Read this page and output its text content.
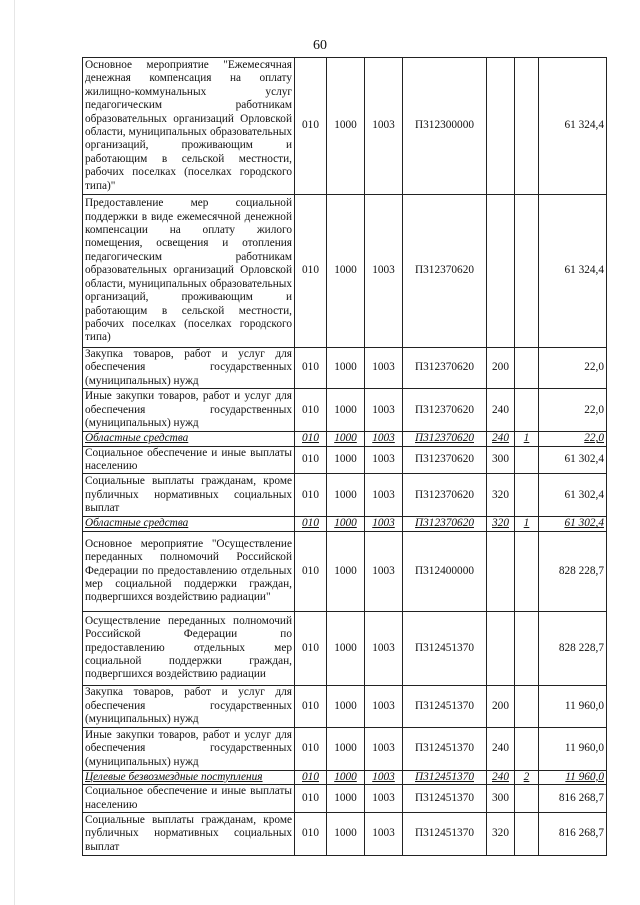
60
Основное мероприятие "Ежемесячная денежная компенсация на оплату жилищно-коммунальных услуг педагогическим работникам образовательных организаций Орловской области, муниципальных образовательных организаций, проживающим и работающим в сельской местности, рабочих поселках (поселках городского типа)"	010	1000	1003	П312300000			61 324,4
Предоставление мер социальной поддержки в виде ежемесячной денежной компенсации на оплату жилого помещения, освещения и отопления педагогическим работникам образовательных организаций Орловской области, муниципальных образовательных организаций, проживающим и работающим в сельской местности, рабочих поселках (поселках городского типа)	010	1000	1003	П312370620			61 324,4
Закупка товаров, работ и услуг для обеспечения государственных (муниципальных) нужд	010	1000	1003	П312370620	200		22,0
Иные закупки товаров, работ и услуг для обеспечения государственных (муниципальных) нужд	010	1000	1003	П312370620	240		22,0
Областные средства	010	1000	1003	П312370620	240	1	22,0
Социальное обеспечение и иные выплаты населению	010	1000	1003	П312370620	300		61 302,4
Социальные выплаты гражданам, кроме публичных нормативных социальных выплат	010	1000	1003	П312370620	320		61 302,4
Областные средства	010	1000	1003	П312370620	320	1	61 302,4
Основное мероприятие "Осуществление переданных полномочий Российской Федерации по предоставлению отдельных мер социальной поддержки граждан, подвергшихся воздействию радиации"	010	1000	1003	П312400000			828 228,7
Осуществление переданных полномочий Российской Федерации по предоставлению отдельных мер социальной поддержки граждан, подвергшихся воздействию радиации	010	1000	1003	П312451370			828 228,7
Закупка товаров, работ и услуг для обеспечения государственных (муниципальных) нужд	010	1000	1003	П312451370	200		11 960,0
Иные закупки товаров, работ и услуг для обеспечения государственных (муниципальных) нужд	010	1000	1003	П312451370	240		11 960,0
Целевые безвозмездные поступления	010	1000	1003	П312451370	240	2	11 960,0
Социальное обеспечение и иные выплаты населению	010	1000	1003	П312451370	300		816 268,7
Социальные выплаты гражданам, кроме публичных нормативных социальных выплат	010	1000	1003	П312451370	320		816 268,7
